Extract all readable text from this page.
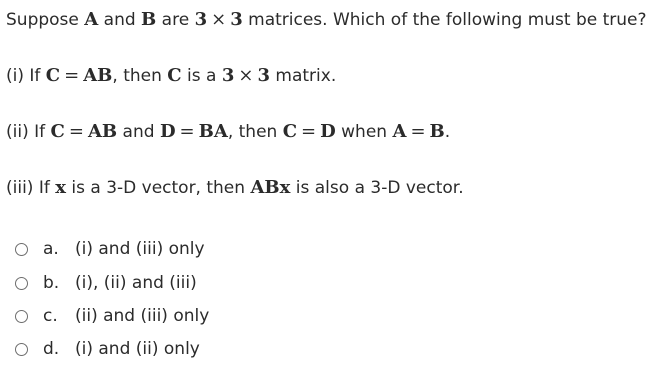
Suppose A and B are 3 × 3 matrices. Which of the following must be true?
(i) If C = AB, then C is a 3 × 3 matrix.
(ii) If C = AB and D = BA, then C = D when A = B.
(iii) If x is a 3-D vector, then ABx is also a 3-D vector.
a. (i) and (iii) only
b. (i), (ii) and (iii)
c.	(ii) and (iii) only
d. (i) and (ii) only
